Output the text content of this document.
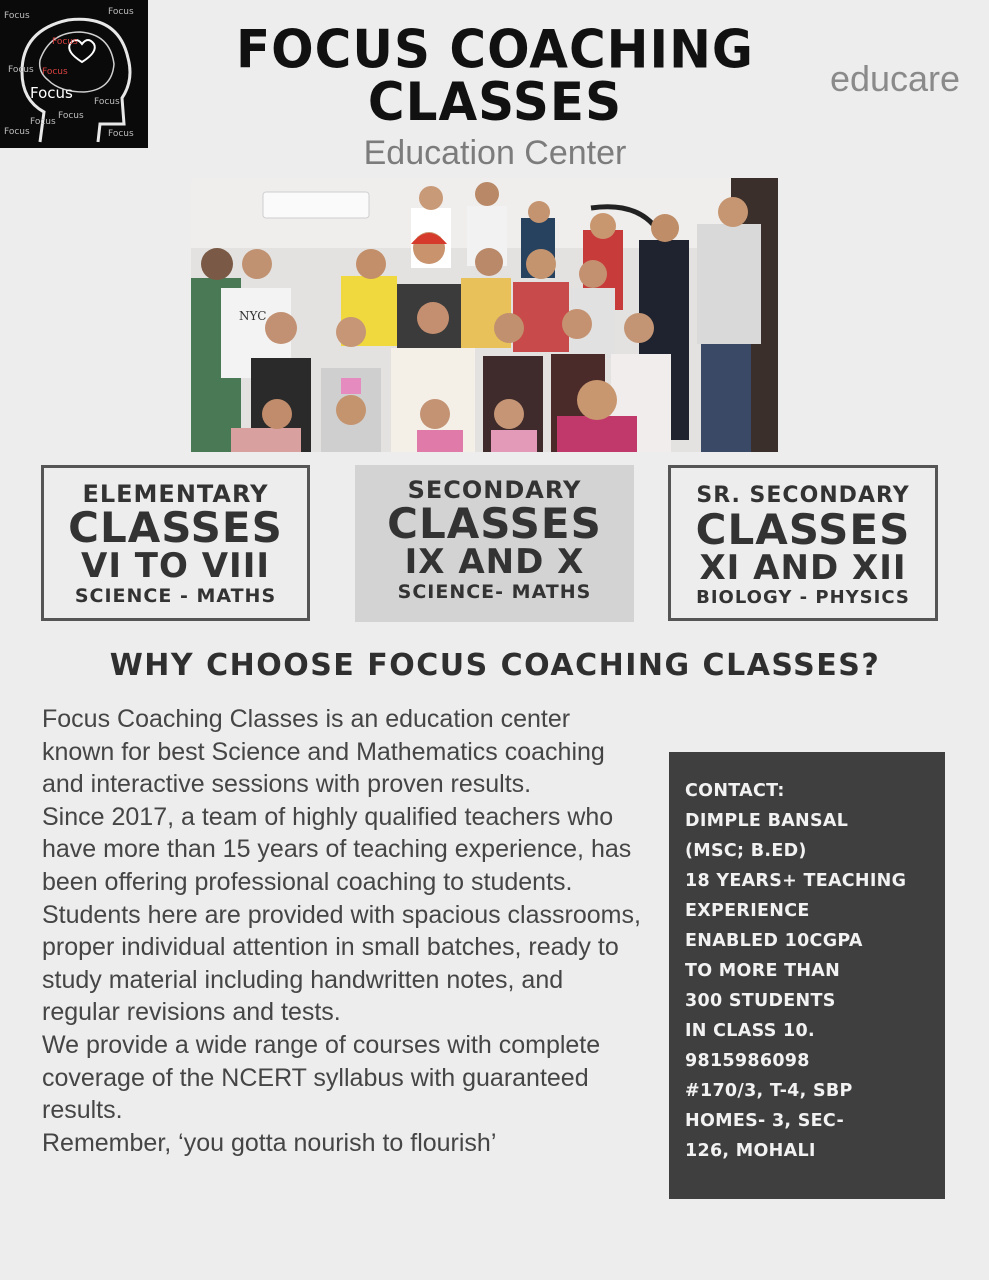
Focus	Focus
Focus
Focus Focus
Focus
Focus
Focus	Focus
Focus
Focus
FOCUS COACHING
CLASSES
Education Center
educare
NYC
ELEMENTARY
CLASSES
VI TO VIII
SCIENCE - MATHS
SECONDARY
CLASSES
IX AND X
SCIENCE- MATHS
SR. SECONDARY
CLASSES
XI AND XII
BIOLOGY - PHYSICS
WHY CHOOSE FOCUS COACHING CLASSES?

Focus Coaching Classes is an education center known for best Science and Mathematics coaching and interactive sessions with proven results.

Since 2017, a team of highly qualified teachers who have more than 15 years of teaching experience, has been offering professional coaching to students.

Students here are provided with spacious classrooms, proper individual attention in small batches, ready to study material including handwritten notes, and regular revisions and tests.

We provide a wide range of courses with complete coverage of the NCERT syllabus with guaranteed results.

Remember, ‘you gotta nourish to flourish’

CONTACT:
DIMPLE BANSAL
(MSC; B.ED)
18 YEARS+ TEACHING
EXPERIENCE
ENABLED 10CGPA
TO MORE THAN
300 STUDENTS
IN CLASS 10.
9815986098
#170/3, T-4, SBP
HOMES- 3, SEC-
126, MOHALI
